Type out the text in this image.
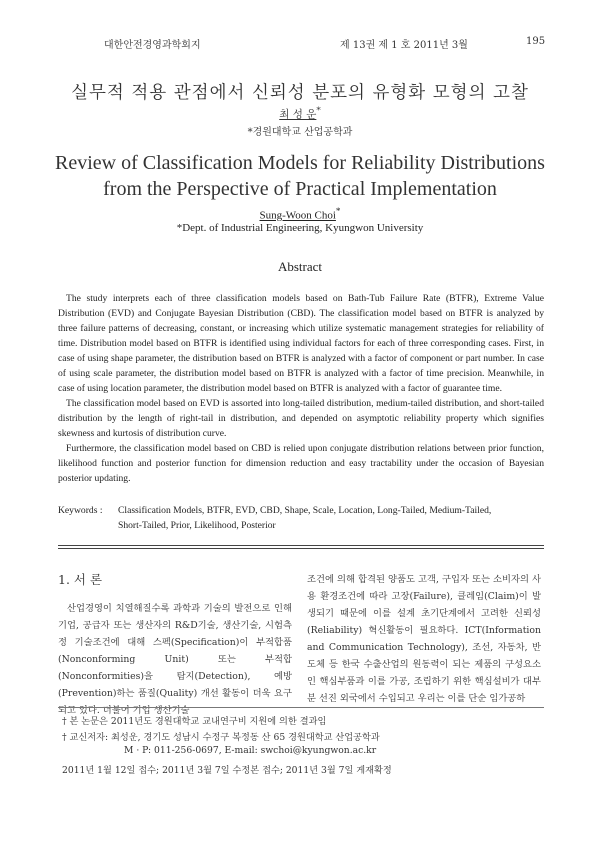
대한안전경영과학회지	제 13권 제 1 호 2011년 3월	195
실무적 적용 관점에서 신뢰성 분포의 유형화 모형의 고찰
최 성 운*
*경원대학교 산업공학과
Review of Classification Models for Reliability Distributions
from the Perspective of Practical Implementation
Sung-Woon Choi*
*Dept. of Industrial Engineering, Kyungwon University
Abstract

The study interprets each of three classification models based on Bath-Tub Failure Rate (BTFR), Extreme Value Distribution (EVD) and Conjugate Bayesian Distribution (CBD). The classification model based on BTFR is analyzed by three failure patterns of decreasing, constant, or increasing which utilize systematic management strategies for reliability of time. Distribution model based on BTFR is identified using individual factors for each of three corresponding cases. First, in case of using shape parameter, the distribution based on BTFR is analyzed with a factor of component or part number. In case of using scale parameter, the distribution model based on BTFR is analyzed with a factor of time precision. Meanwhile, in case of using location parameter, the distribution model based on BTFR is analyzed with a factor of guarantee time.

The classification model based on EVD is assorted into long-tailed distribution, medium-tailed distribution, and short-tailed distribution by the length of right-tail in distribution, and depended on asymptotic reliability property which signifies skewness and kurtosis of distribution curve.

Furthermore, the classification model based on CBD is relied upon conjugate distribution relations between prior function, likelihood function and posterior function for dimension reduction and easy tractability under the occasion of Bayesian posterior updating.

Keywords : Classification Models, BTFR, EVD, CBD, Shape, Scale, Location, Long-Tailed, Medium-Tailed,
Short-Tailed, Prior, Likelihood, Posterior
1. 서 론

산업경영이 치열해질수록 과학과 기술의 발전으로 인해 기업, 공급자 또는 생산자의 R&D기술, 생산기술, 시험측정 기술조건에 대해 스펙(Specification)이 부적합품(Nonconforming Unit) 또는 부적합(Nonconformities)을 탐지(Detection), 예방(Prevention)하는 품질(Quality) 개선 활동이 더욱 요구되고 있다. 더불어 기업 생산기술

조건에 의해 합격된 양품도 고객, 구입자 또는 소비자의 사용 환경조건에 따라 고장(Failure), 클레임(Claim)이 발생되기 때문에 이를 설계 초기단계에서 고려한 신뢰성(Reliability) 혁신활동이 필요하다. ICT(Information and Communication Technology), 조선, 자동차, 반도체 등 한국 수출산업의 원동력이 되는 제품의 구성요소인 핵심부품과 이를 가공, 조립하기 위한 핵심설비가 대부분 선진 외국에서 수입되고 우리는 이를 단순 임가공하

† 본 논문은 2011년도 경원대학교 교내연구비 지원에 의한 결과임
† 교신저자: 최성운, 경기도 성남시 수정구 복정동 산 65 경원대학교 산업공학과
M · P: 011-256-0697, E-mail: swchoi@kyungwon.ac.kr
2011년 1월 12일 접수; 2011년 3월 7일 수정본 접수; 2011년 3월 7일 게재확정
